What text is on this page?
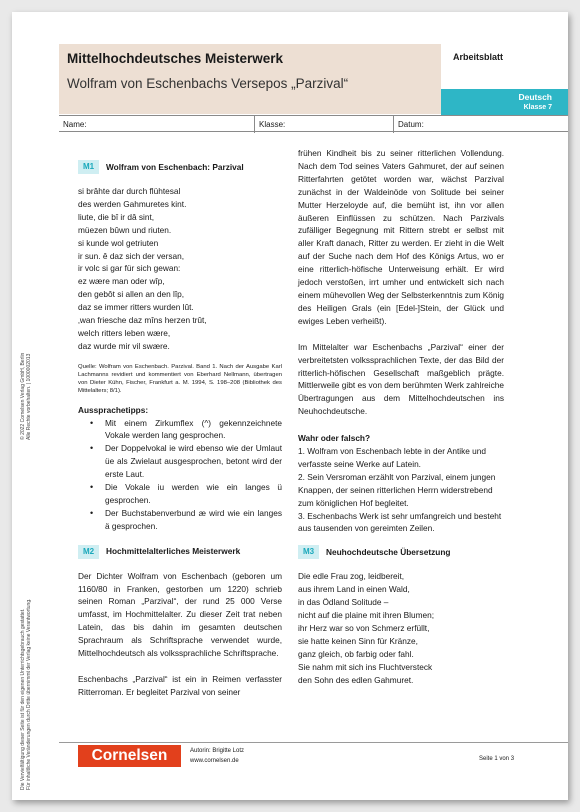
Mittelhochdeutsches Meisterwerk
Wolfram von Eschenbachs Versepos „Parzival“
Arbeitsblatt
Deutsch
Klasse 7
Name:	Klasse:	Datum:
© 2022 Cornelsen Verlag GmbH, Berlin Alle Rechte vorbehalten. | 1000002013
Die Vervielfältigung dieser Seite ist für den eigenen Unterrichtsgebrauch gestattet. Für inhaltliche Veränderungen durch Dritte übernimmt der Verlag keine Verantwortung.
M1	Wolfram von Eschenbach: Parzival
si brâhte dar durch flühtesal
des werden Gahmuretes kint.
liute, die bî ir dâ sint,
müezen bûwn und riuten.
si kunde wol getriuten
ir sun. ê daz sich der versan,
ir volc si gar für sich gewan:
ez wære man oder wîp,
den gebôt si allen an den lîp,
daz se immer ritters wurden lût.
‚wan friesche daz mîns herzen trût,
welch ritters leben wære,
daz wurde mir vil swære.
Quelle: Wolfram von Eschenbach. Parzival. Band 1. Nach der Ausgabe Karl Lachmanns revidiert und kommentiert von Eberhard Nellmann, übertragen von Dieter Kühn, Fischer, Frankfurt a. M. 1994, S. 198–208 (Bibliothek des Mittelalters; 8/1).
Aussprachetipps:
• Mit einem Zirkumflex (^) gekennzeichnete Vokale werden lang gesprochen.
• Der Doppelvokal ie wird ebenso wie der Umlaut üe als Zwielaut ausgesprochen, betont wird der erste Laut.
• Die Vokale iu werden wie ein langes ü gesprochen.
• Der Buchstabenverbund æ wird wie ein langes ä gesprochen.
M2	Hochmittelalterliches Meisterwerk
Der Dichter Wolfram von Eschenbach (geboren um 1160/80 in Franken, gestorben um 1220) schrieb seinen Roman „Parzival“, der rund 25 000 Verse umfasst, im Hochmittelalter. Zu dieser Zeit trat neben Latein, das bis dahin im gesamten deutschen Sprachraum als Schriftsprache verwendet wurde, Mittelhochdeutsch als volkssprachliche Schriftsprache.
Eschenbachs „Parzival“ ist ein in Reimen verfasster Ritterroman. Er begleitet Parzival von seiner
frühen Kindheit bis zu seiner ritterlichen Vollendung. Nach dem Tod seines Vaters Gahmuret, der auf seinen Ritterfahrten getötet worden war, wächst Parzival zunächst in der Waldeinöde von Solitude bei seiner Mutter Herzeloyde auf, die bemüht ist, ihn vor allen äußeren Einflüssen zu schützen. Nach Parzivals zufälliger Begegnung mit Rittern strebt er selbst mit aller Kraft danach, Ritter zu werden. Er zieht in die Welt auf der Suche nach dem Hof des Königs Artus, wo er eine ritterlich-höfische Unterweisung erhält. Er wird jedoch verstoßen, irrt umher und entwickelt sich nach einem mühevollen Weg der Selbsterkenntnis zum König des Heiligen Grals (ein [Edel-]Stein, der Glück und ewiges Leben verheißt).
Im Mittelalter war Eschenbachs „Parzival“ einer der verbreitetsten volkssprachlichen Texte, der das Bild der ritterlich-höfischen Gesellschaft maßgeblich prägte. Mittlerweile gibt es von dem berühmten Werk zahlreiche Übertragungen aus dem Mittelhochdeutschen ins Neuhochdeutsche.
Wahr oder falsch?
1. Wolfram von Eschenbach lebte in der Antike und verfasste seine Werke auf Latein.
2. Sein Versroman erzählt von Parzival, einem jungen Knappen, der seinen ritterlichen Herrn widerstrebend zum königlichen Hof begleitet.
3. Eschenbachs Werk ist sehr umfangreich und besteht aus tausenden von gereimten Zeilen.
M3	Neuhochdeutsche Übersetzung
Die edle Frau zog, leidbereit,
aus ihrem Land in einen Wald,
in das Ödland Solitude –
nicht auf die plaine mit ihren Blumen;
ihr Herz war so von Schmerz erfüllt,
sie hatte keinen Sinn für Kränze,
ganz gleich, ob farbig oder fahl.
Sie nahm mit sich ins Fluchtversteck
den Sohn des edlen Gahmuret.
Cornelsen	Autorin: Brigitte Lotz
www.cornelsen.de	Seite 1 von 3
